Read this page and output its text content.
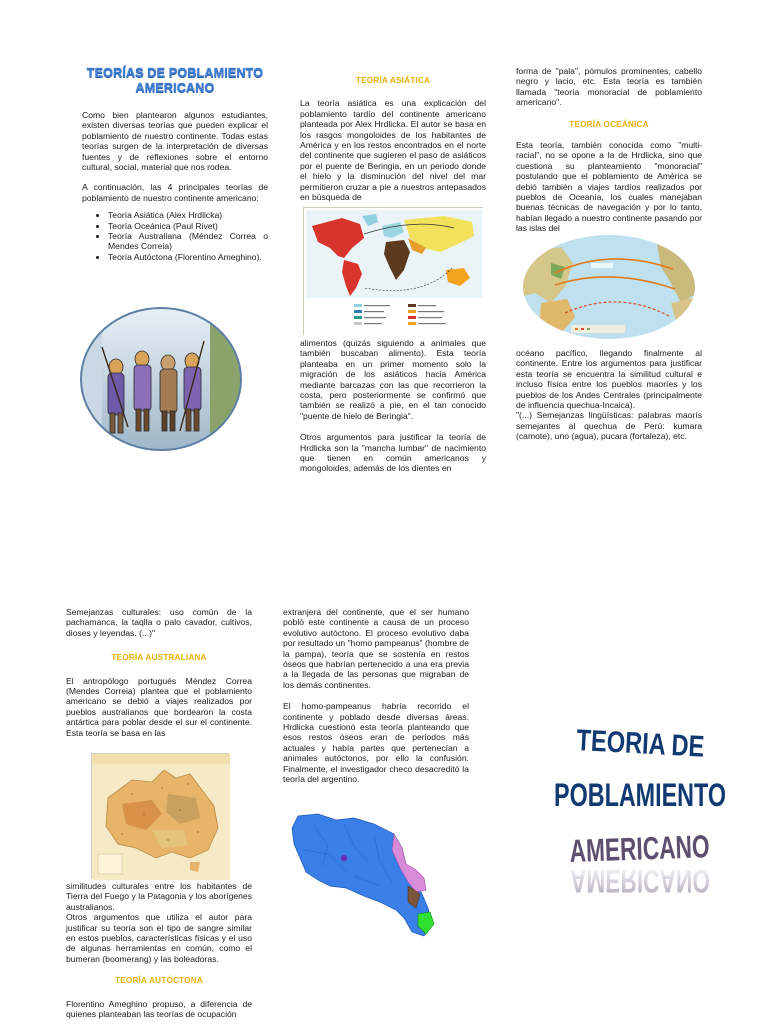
TEORÍAS DE POBLAMIENTO AMERICANO
Como bien plantearon algunos estudiantes, existen diversas teorías que pueden explicar el poblamiento de nuestro continente. Todas estas teorías surgen de la interpretación de diversas fuentes y de reflexiones sobre el entorno cultural, social, material que nos rodea.
A continuación, las 4 principales teorías de poblamiento de nuestro continente americano:
• Teoría Asiática (Alex Hrdlicka)
• Teoría Oceánica (Paul Rivet)
• Teoría Australiana (Méndez Correa o Mendes Correia)
• Teoría Autóctona (Florentino Ameghino).
TEORÍA ASIÁTICA
La teoría asiática es una explicación del poblamiento tardío del continente americano planteada por Alex Hrdlicka. El autor se basa en los rasgos mongoloides de los habitantes de América y en los restos encontrados en el norte del continente que sugieren el paso de asiáticos por el puente de Beringia, en un periodo donde el hielo y la disminución del nivel del mar permitieron cruzar a pie a nuestros antepasados en búsqueda de
alimentos (quizás siguiendo a animales que también buscaban alimento). Esta teoría planteaba en un primer momento solo la migración de los asiáticos hacia América mediante barcazas con las que recorrieron la costa, pero posteriormente se confirmó que también se realizó a pie, en el tan conocido "puente de hielo de Beringia".
Otros argumentos para justificar la teoría de Hrdlicka son la "mancha lumbar" de nacimiento que tienen en común americanos y mongoloides, además de los dientes en
forma de "pala", pómulos prominentes, cabello negro y lacio, etc. Esta teoría es también llamada "teoría monoracial de poblamiento americano".
TEORÍA OCEÁNICA
Esta teoría, también conocida como "multi-racial", no se opone a la de Hrdlicka, sino que cuestiona su planteamiento "monoracial" postulando que el poblamiento de América se debió también a viajes tardíos realizados por pueblos de Oceanía, los cuales manejaban buenas técnicas de navegación y por lo tanto, habían llegado a nuestro continente pasando por las islas del
océano pacífico, llegando finalmente al continente. Entre los argumentos para justificar esta teoría se encuentra la similitud cultural e incluso física entre los pueblos maoríes y los pueblos de los Andes Centrales (principalmente de influencia quechua-Incaica).
"(...) Semejanzas lingüísticas: palabras maorís semejantes al quechua de Perú: kumara (camote), uno (agua), pucara (fortaleza), etc.
Semejanzas culturales: uso común de la pachamanca, la taqlla o palo cavador, cultivos, dioses y leyendas. (...)"
TEORÍA AUSTRALIANA
El antropólogo portugués Méndez Correa (Mendes Correia) plantea que el poblamiento americano se debió a viajes realizados por pueblos australianos que bordearon la costa antártica para poblar desde el sur el continente. Esta teoría se basa en las
similitudes culturales entre los habitantes de Tierra del Fuego y la Patagonia y los aborígenes australianos.
Otros argumentos que utiliza el autor para justificar su teoría son el tipo de sangre similar en estos pueblos, características físicas y el uso de algunas herramientas en común, como el bumeran (boomerang) y las boleadoras.
TEORÍA AUTÓCTONA
Florentino Ameghino propuso, a diferencia de quienes planteaban las teorías de ocupación
extranjera del continente, que el ser humano pobló este continente a causa de un proceso evolutivo autóctono. El proceso evolutivo daba por resultado un "homo pampeanus" (hombre de la pampa), teoría que se sostenía en restos óseos que habrían pertenecido a una era previa a la llegada de las personas que migraban de los demás continentes.
El homo-pampeanus habría recorrido el continente y poblado desde diversas áreas. Hrdlicka cuestionó esta teoría planteando que esos restos óseos eran de periodos más actuales y había partes que pertenecían a animales autóctonos, por ello la confusión. Finalmente, el investigador checo desacreditó la teoría del argentino.
TEORIA DE
POBLAMIENTO
AMERICANO
AMERICANO
